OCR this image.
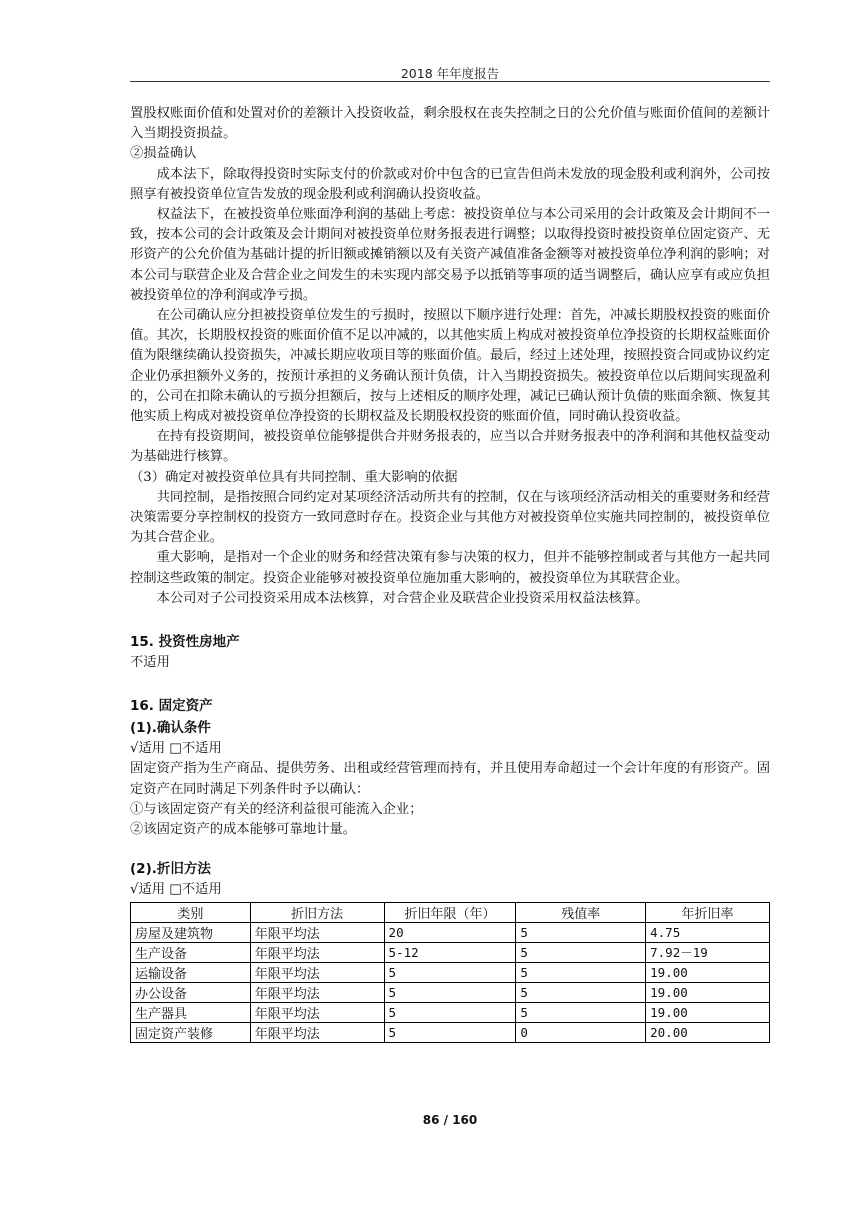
2018 年年度报告

置股权账面价值和处置对价的差额计入投资收益，剩余股权在丧失控制之日的公允价值与账面价值间的差额计入当期投资损益。

②损益确认

成本法下，除取得投资时实际支付的价款或对价中包含的已宣告但尚未发放的现金股利或利润外，公司按照享有被投资单位宣告发放的现金股利或利润确认投资收益。

权益法下，在被投资单位账面净利润的基础上考虑：被投资单位与本公司采用的会计政策及会计期间不一致，按本公司的会计政策及会计期间对被投资单位财务报表进行调整；以取得投资时被投资单位固定资产、无形资产的公允价值为基础计提的折旧额或摊销额以及有关资产减值准备金额等对被投资单位净利润的影响；对本公司与联营企业及合营企业之间发生的未实现内部交易予以抵销等事项的适当调整后，确认应享有或应负担被投资单位的净利润或净亏损。

在公司确认应分担被投资单位发生的亏损时，按照以下顺序进行处理：首先，冲减长期股权投资的账面价值。其次，长期股权投资的账面价值不足以冲减的，以其他实质上构成对被投资单位净投资的长期权益账面价值为限继续确认投资损失，冲减长期应收项目等的账面价值。最后，经过上述处理，按照投资合同或协议约定企业仍承担额外义务的，按预计承担的义务确认预计负债，计入当期投资损失。被投资单位以后期间实现盈利的，公司在扣除未确认的亏损分担额后，按与上述相反的顺序处理，减记已确认预计负债的账面余额、恢复其他实质上构成对被投资单位净投资的长期权益及长期股权投资的账面价值，同时确认投资收益。

在持有投资期间，被投资单位能够提供合并财务报表的，应当以合并财务报表中的净利润和其他权益变动为基础进行核算。

（3）确定对被投资单位具有共同控制、重大影响的依据

共同控制，是指按照合同约定对某项经济活动所共有的控制，仅在与该项经济活动相关的重要财务和经营决策需要分享控制权的投资方一致同意时存在。投资企业与其他方对被投资单位实施共同控制的，被投资单位为其合营企业。

重大影响，是指对一个企业的财务和经营决策有参与决策的权力，但并不能够控制或者与其他方一起共同控制这些政策的制定。投资企业能够对被投资单位施加重大影响的，被投资单位为其联营企业。

本公司对子公司投资采用成本法核算，对合营企业及联营企业投资采用权益法核算。

15. 投资性房地产

不适用

16. 固定资产

(1).确认条件

√适用 □不适用

固定资产指为生产商品、提供劳务、出租或经营管理而持有，并且使用寿命超过一个会计年度的有形资产。固定资产在同时满足下列条件时予以确认：

①与该固定资产有关的经济利益很可能流入企业；

②该固定资产的成本能够可靠地计量。

(2).折旧方法

√适用 □不适用

类别	折旧方法	折旧年限（年）	残值率	年折旧率
房屋及建筑物	年限平均法	20	5	4.75
生产设备	年限平均法	5-12	5	7.92－19
运输设备	年限平均法	5	5	19.00
办公设备	年限平均法	5	5	19.00
生产器具	年限平均法	5	5	19.00
固定资产装修	年限平均法	5	0	20.00
86 / 160
